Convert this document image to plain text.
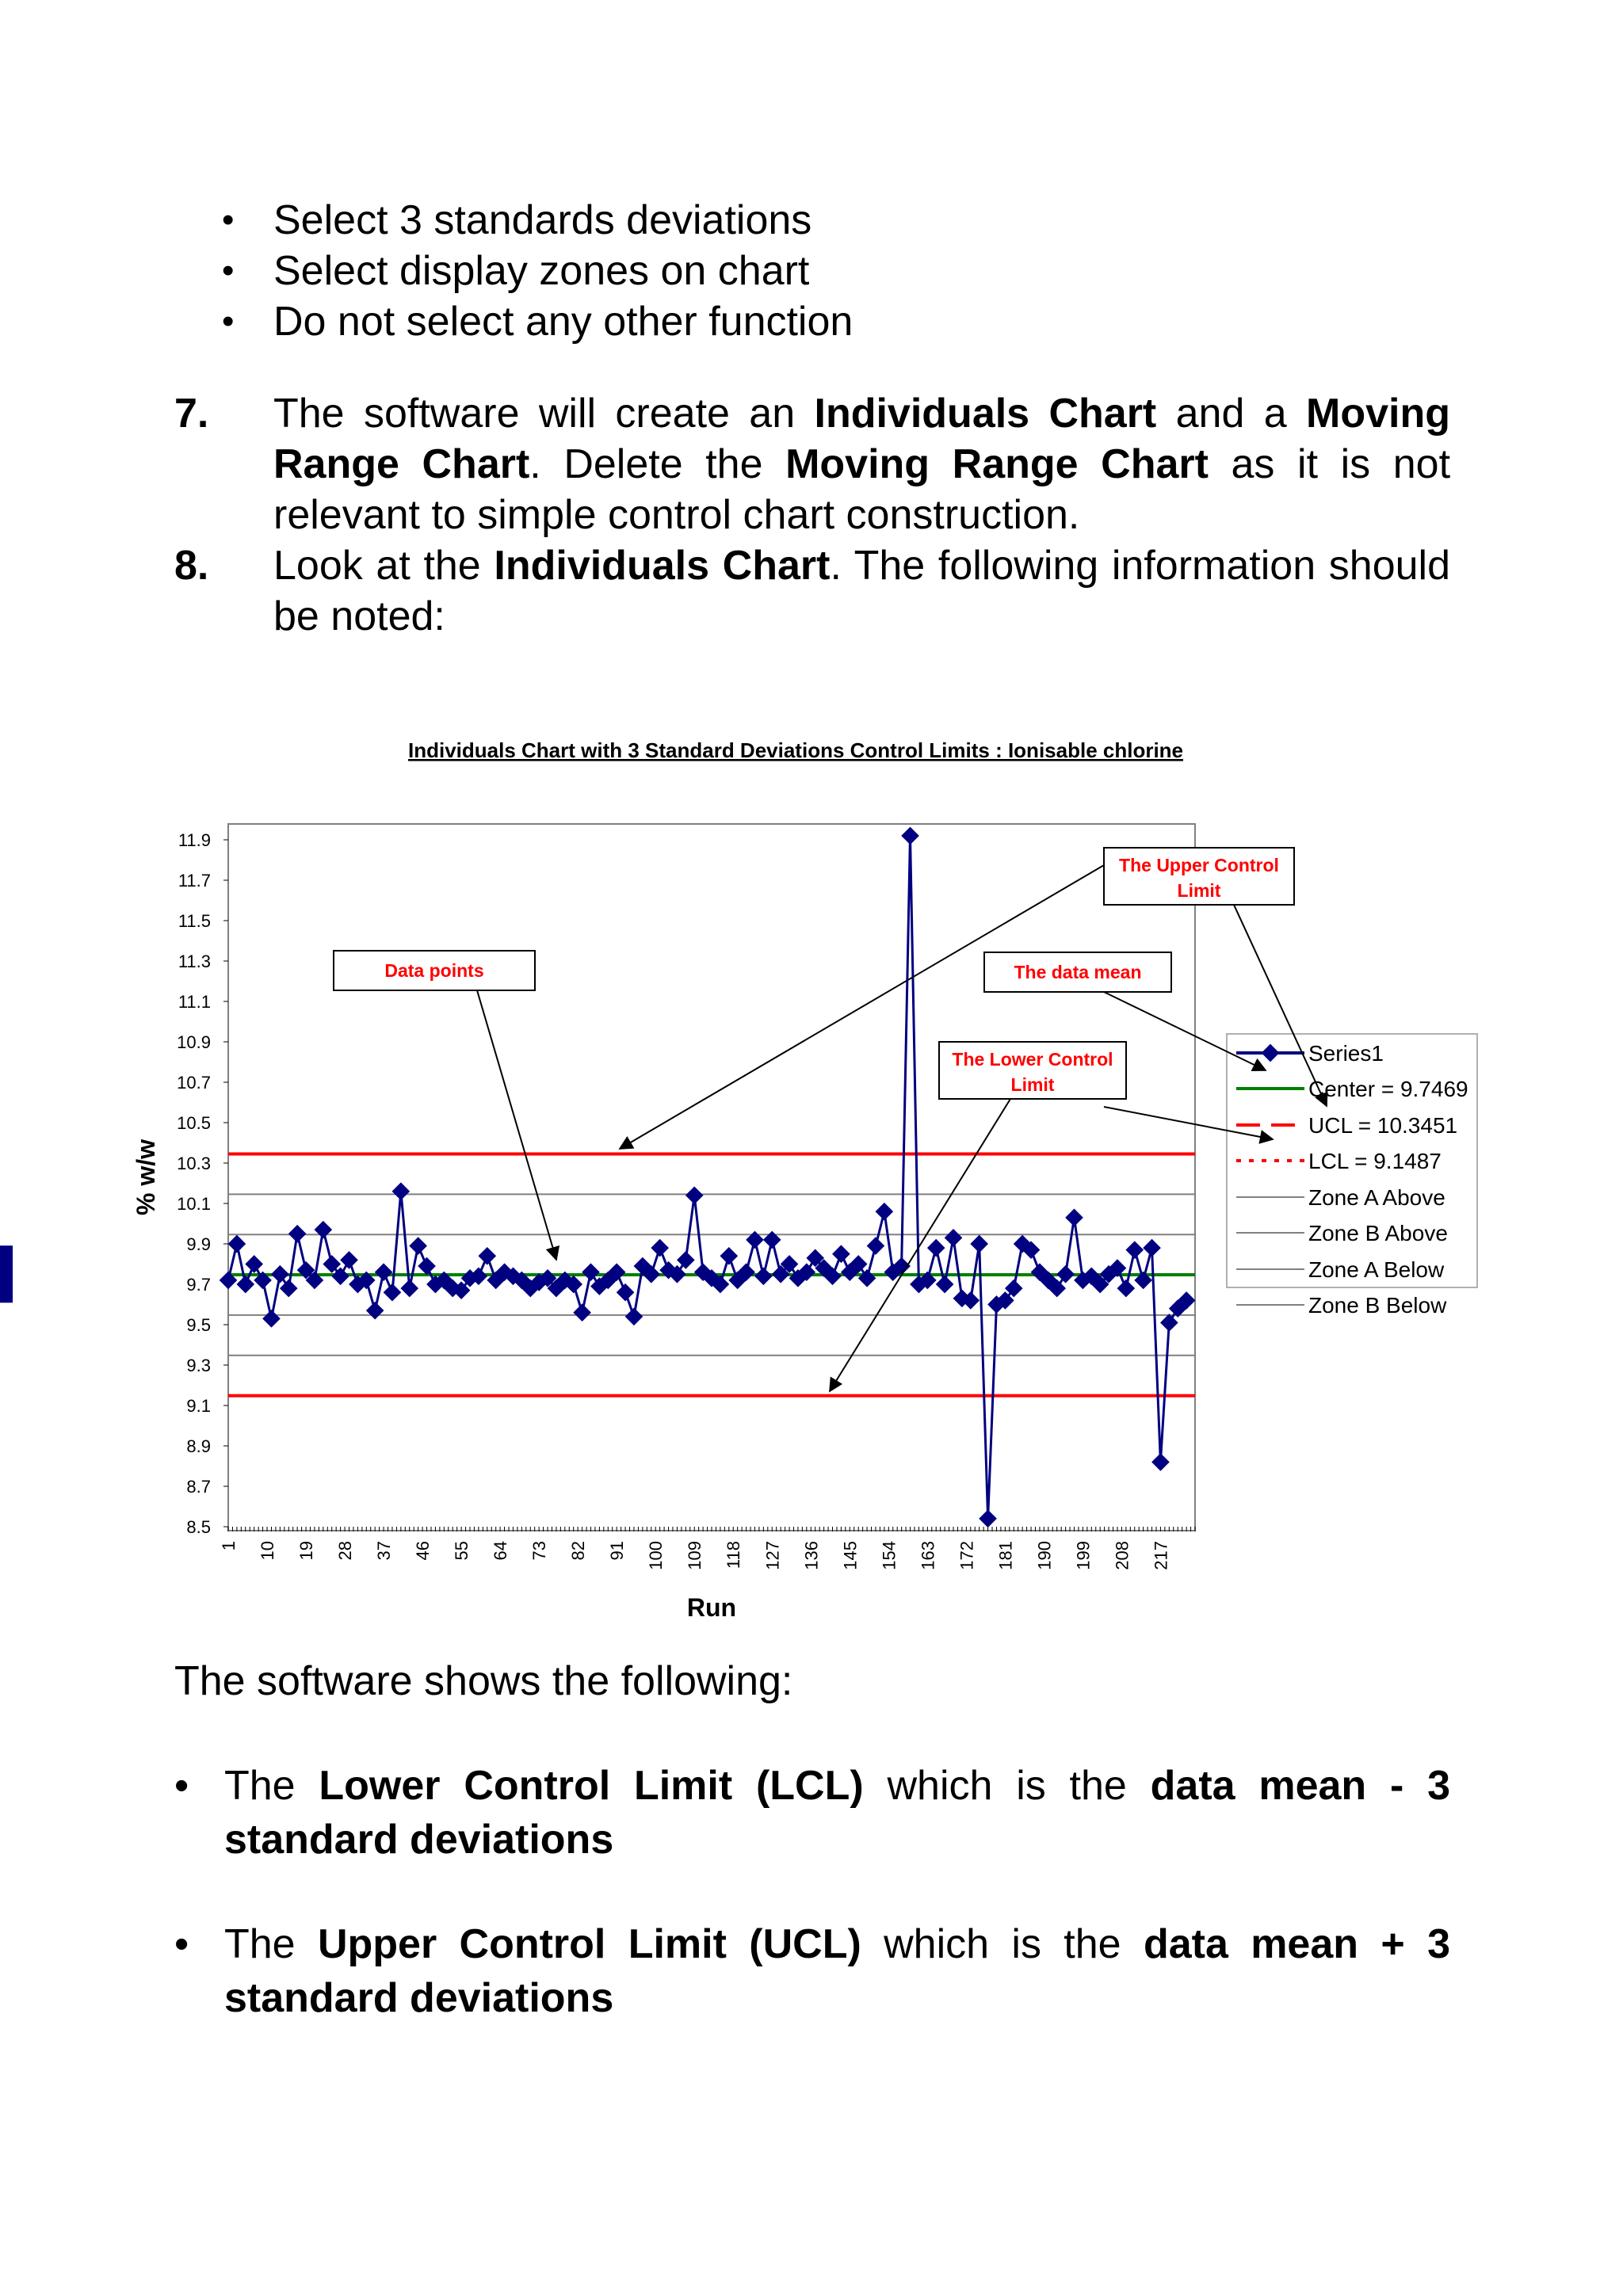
• Select 3 standards deviations
• Select display zones on chart
• Do not select any other function
7. The software will create an Individuals Chart and a Moving Range Chart. Delete the Moving Range Chart as it is not relevant to simple control chart construction.
8. Look at the Individuals Chart. The following information should be noted:
Individuals Chart with 3 Standard Deviations Control Limits : Ionisable chlorine
11.9
11.7
11.5
11.3
11.1
10.9
10.7
10.5
10.3
10.1
9.9
9.7
9.5
9.3
9.1
8.9
8.7
8.5
1 10 19 28 37 46 55 64 73 82 91 100 109 118 127 136 145 154 163 172 181 190 199 208 217
% w/w
Run
Series1
Center = 9.7469
UCL = 10.3451
LCL = 9.1487
Zone A Above
Zone B Above
Zone A Below
Zone B Below
The Upper Control
Limit
Data points	The data mean
The Lower Control
Limit
The software shows the following:
• The Lower Control Limit (LCL) which is the data mean - 3 standard deviations
• The Upper Control Limit (UCL) which is the data mean + 3 standard deviations
